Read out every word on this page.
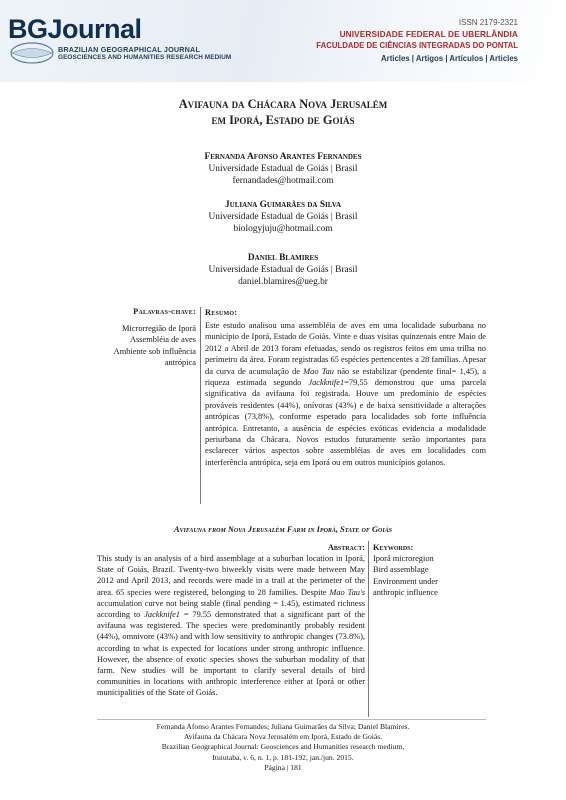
BGJournal
BRAZILIAN GEOGRAPHICAL JOURNAL
GEOSCIENCES AND HUMANITIES RESEARCH MEDIUM
ISSN 2179-2321
UNIVERSIDADE FEDERAL DE UBERLÂNDIA
FACULDADE DE CIÊNCIAS INTEGRADAS DO PONTAL
Articles | Artigos | Artículos | Articles
Avifauna da Chácara Nova Jerusalém
em Iporá, Estado de Goiás
Fernanda Afonso Arantes Fernandes
Universidade Estadual de Goiás | Brasil
fernandades@hotmail.com
Juliana Guimarães da Silva
Universidade Estadual de Goiás | Brasil
biologyjuju@hotmail.com
Daniel Blamires
Universidade Estadual de Goiás | Brasil
daniel.blamires@ueg.br
Palavras-chave:
Microrregião de Iporá
Assembléia de aves
Ambiente sob influência
antrópica
Resumo:
Este estudo analisou uma assembléia de aves em uma localidade suburbana no município de Iporá, Estado de Goiás. Vinte e duas visitas quinzenais entre Maio de 2012 a Abril de 2013 foram efetuadas, sendo os registros feitos em uma trilha no perímetro da área. Foram registradas 65 espécies pertencentes a 28 famílias. Apesar da curva de acumulação de Mao Tau não se estabilizar (pendente final= 1,45), a riqueza estimada segundo Jackknife1=79,55 demonstrou que uma parcela significativa da avifauna foi registrada. Houve um predomínio de espécies prováveis residentes (44%), onívoras (43%) e de baixa sensitividade a alterações antrópicas (73,8%), conforme esperado para localidades sob forte influência antrópica. Entretanto, a ausência de espécies exóticas evidencia a modalidade periurbana da Chácara. Novos estudos futuramente serão importantes para esclarecer vários aspectos sobre assembléias de aves em localidades com interferência antrópica, seja em Iporá ou em outros municípios goianos.
Avifauna from Nova Jerusalém Farm in Iporá, State of Goiás
Abstract:
This study is an analysis of a bird assemblage at a suburban location in Iporá, State of Goiás, Brazil. Twenty-two biweekly visits were made between May 2012 and April 2013, and records were made in a trail at the perimeter of the area. 65 species were registered, belonging to 28 families. Despite Mao Tau's accumulation curve not being stable (final pending = 1.45), estimated richness according to Jackknife1 = 79.55 demonstrated that a significant part of the avifauna was registered. The species were predominantly probably resident (44%), omnivore (43%) and with low sensitivity to anthropic changes (73.8%), according to what is expected for locations under strong anthropic influence. However, the absence of exotic species shows the suburban modality of that farm. New studies will be important to clarify several details of bird communities in locations with anthropic interference either at Iporá or other municipalities of the State of Goiás.
Keywords:
Iporá microregion
Bird assemblage
Environment under
anthropic influence
Fernanda Afonso Arantes Fernandes; Juliana Guimarães da Silva; Daniel Blamires.
Avifauna da Chácara Nova Jerusalém em Iporá, Estado de Goiás.
Brazilian Geographical Journal: Geosciences and Humanities research medium,
Ituiutaba, v. 6, n. 1, p. 181-192, jan./jun. 2015.
Página | 181
